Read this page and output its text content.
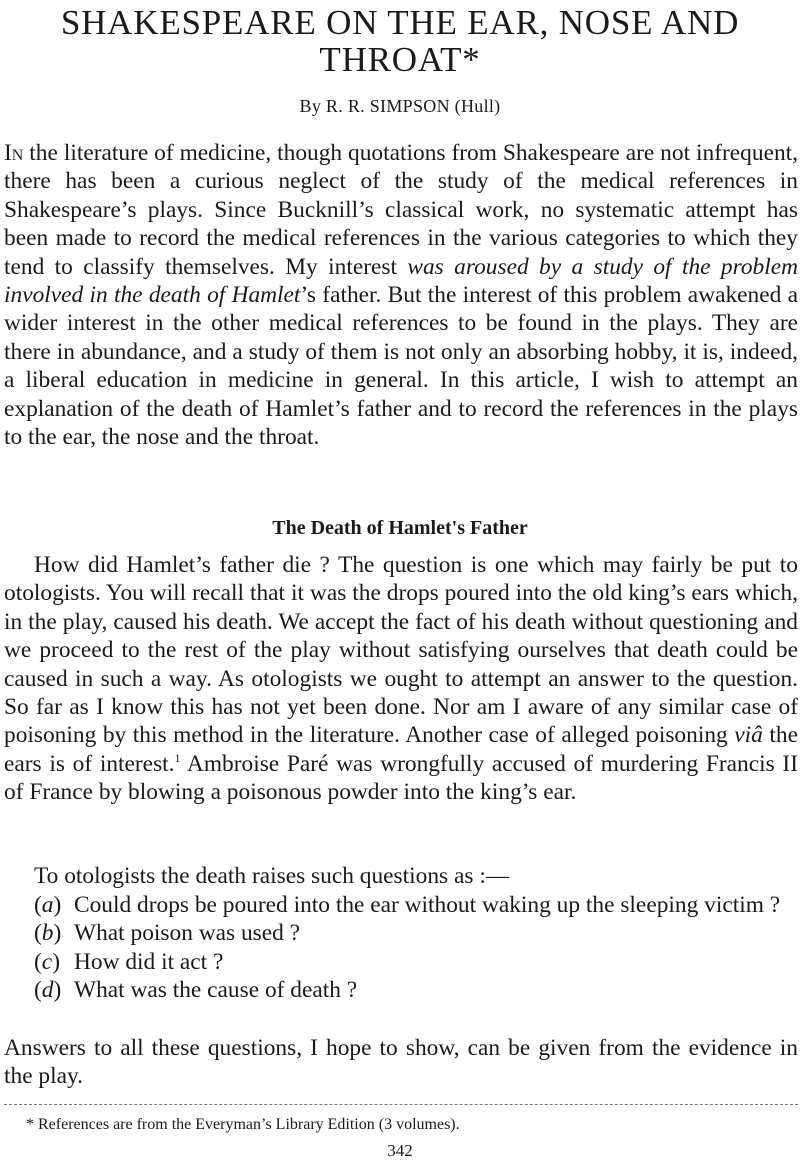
SHAKESPEARE ON THE EAR, NOSE AND
THROAT*

By R. R. SIMPSON (Hull)

In the literature of medicine, though quotations from Shakespeare are not infrequent, there has been a curious neglect of the study of the medical references in Shakespeare’s plays. Since Bucknill’s classical work, no systematic attempt has been made to record the medical references in the various categories to which they tend to classify themselves. My interest was aroused by a study of the problem involved in the death of Hamlet’s father. But the interest of this problem awakened a wider interest in the other medical references to be found in the plays. They are there in abundance, and a study of them is not only an absorbing hobby, it is, indeed, a liberal education in medicine in general. In this article, I wish to attempt an explanation of the death of Hamlet’s father and to record the references in the plays to the ear, the nose and the throat.

The Death of Hamlet's Father

How did Hamlet’s father die ? The question is one which may fairly be put to otologists. You will recall that it was the drops poured into the old king’s ears which, in the play, caused his death. We accept the fact of his death without questioning and we proceed to the rest of the play without satisfying ourselves that death could be caused in such a way. As otologists we ought to attempt an answer to the question. So far as I know this has not yet been done. Nor am I aware of any similar case of poisoning by this method in the literature. Another case of alleged poisoning viâ the ears is of interest.$^1$ Ambroise Paré was wrongfully accused of murdering Francis II of France by blowing a poisonous powder into the king’s ear.

To otologists the death raises such questions as :—

(a) Could drops be poured into the ear without waking up the sleeping victim ?
(b) What poison was used ?
(c) How did it act ?
(d) What was the cause of death ?

Answers to all these questions, I hope to show, can be given from the evidence in the play.

* References are from the Everyman’s Library Edition (3 volumes).

342
